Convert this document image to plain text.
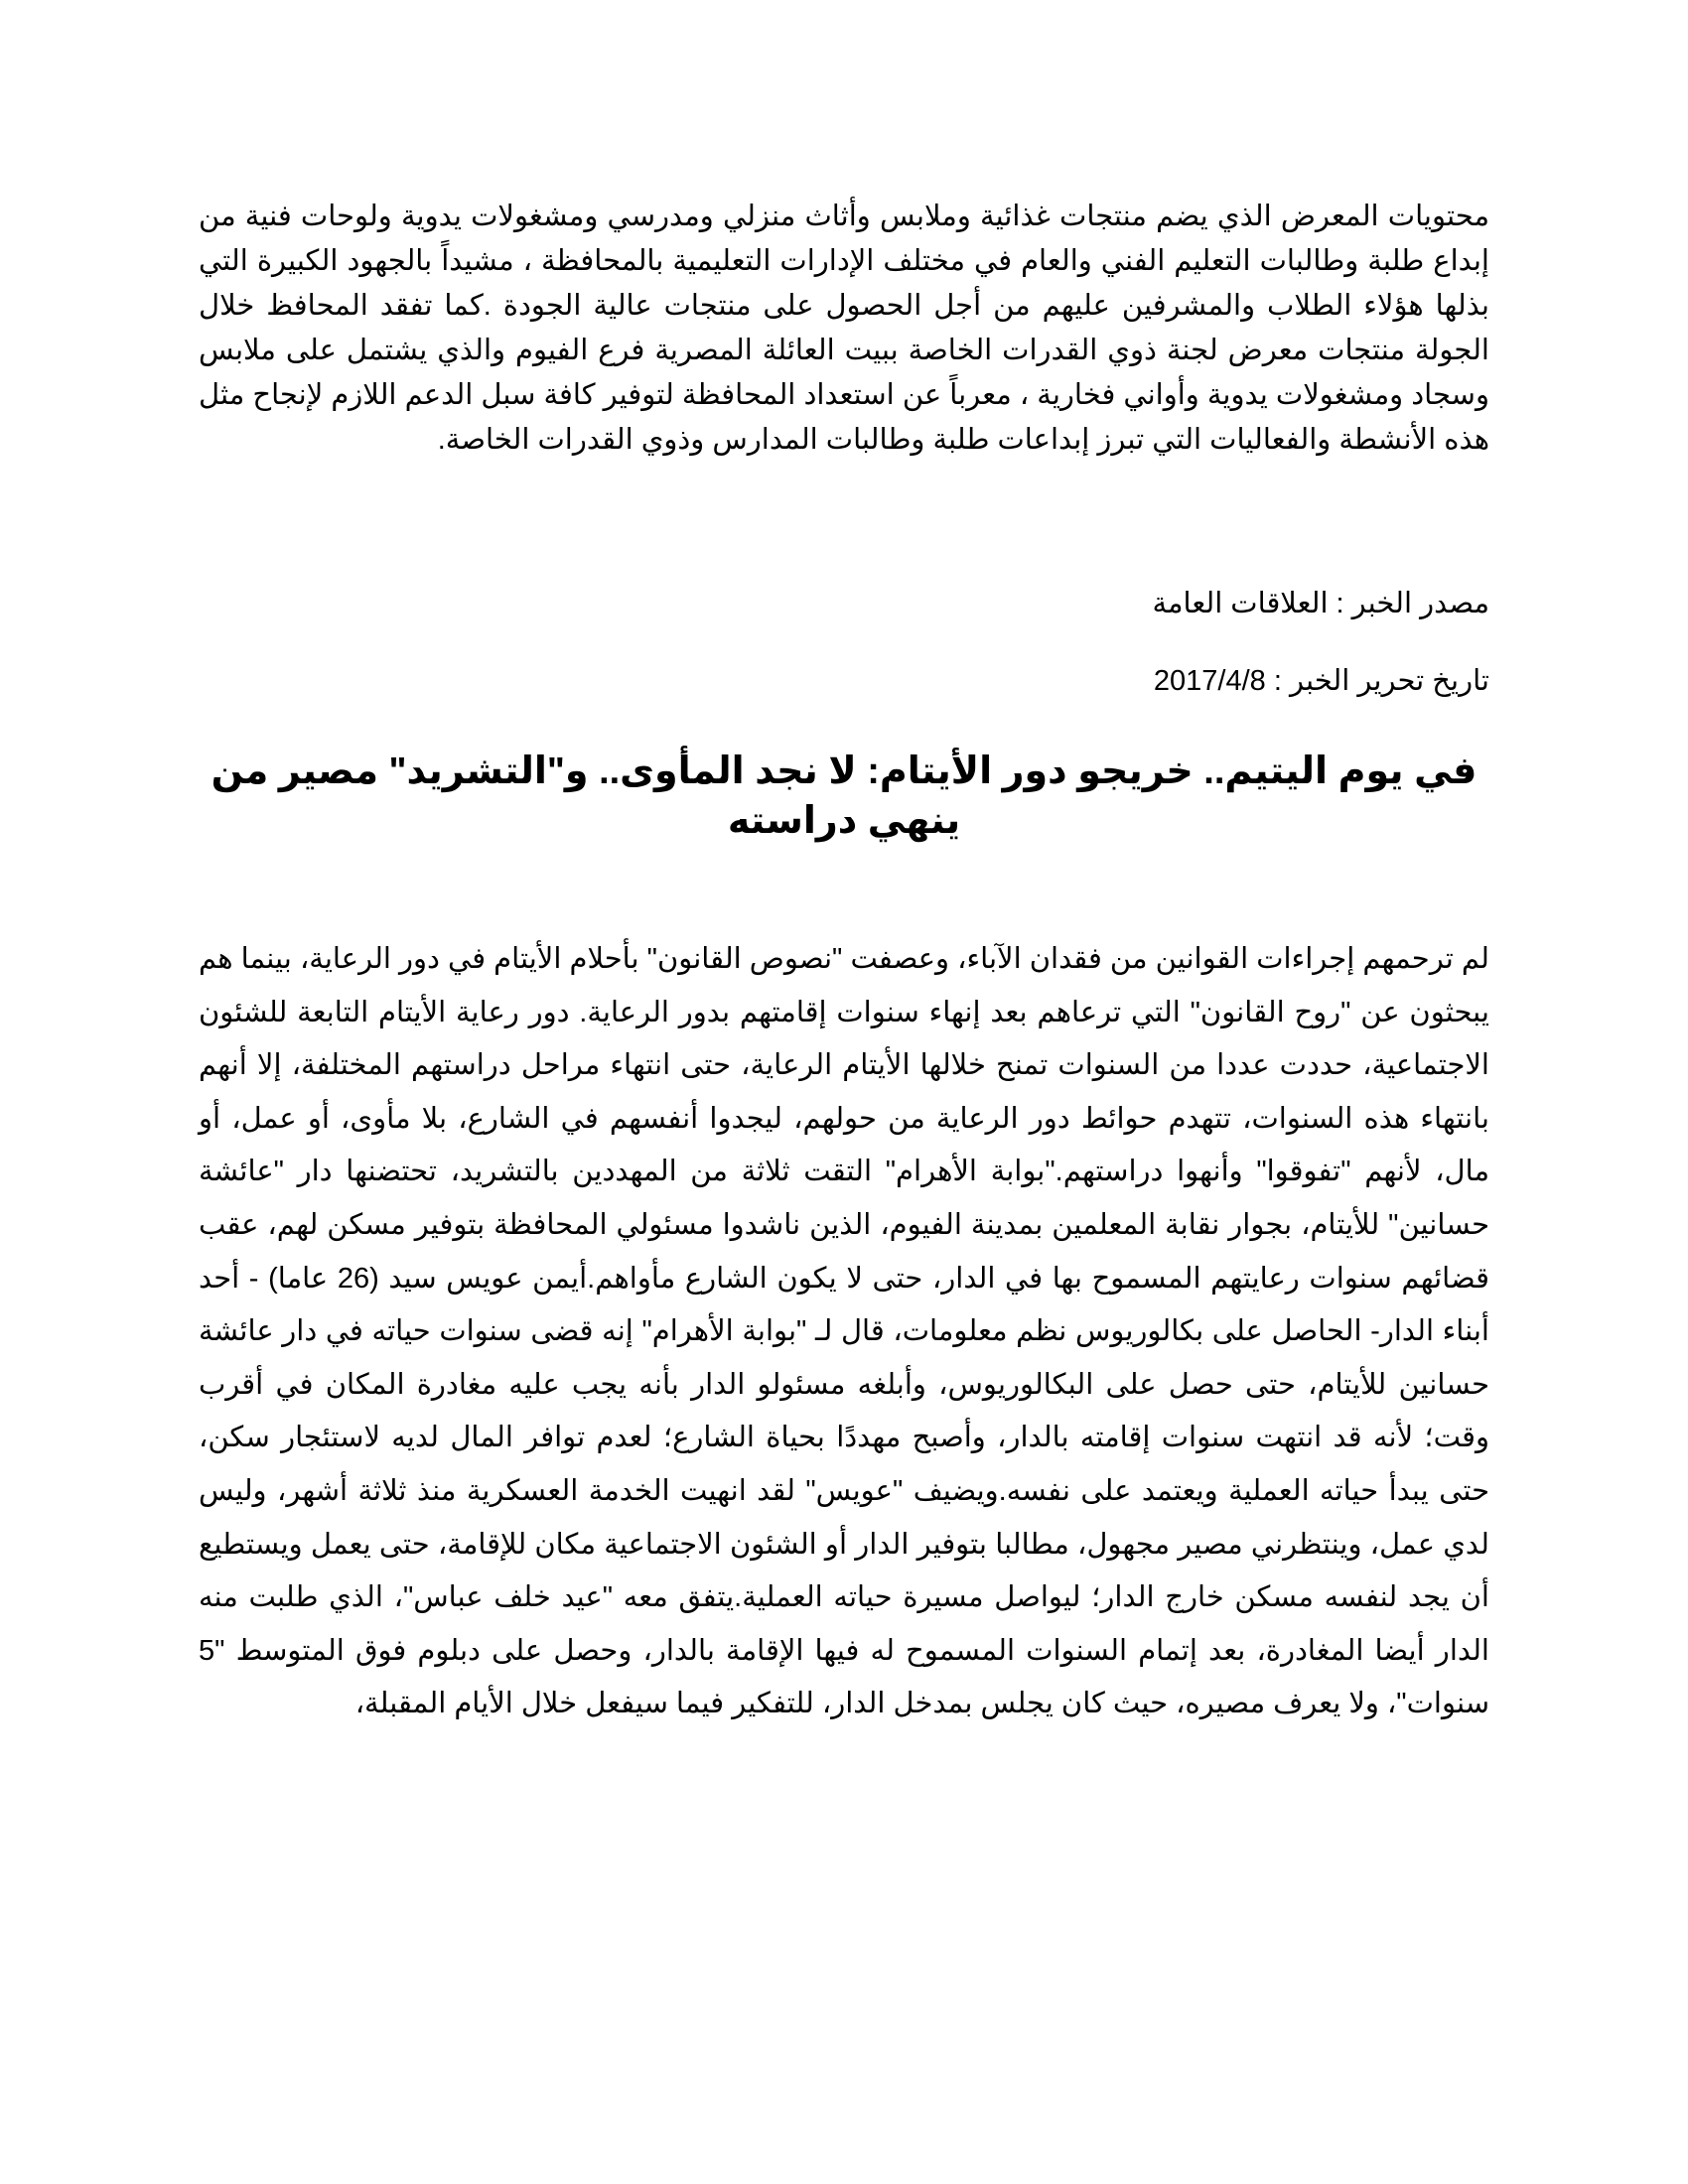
محتويات المعرض الذي يضم منتجات غذائية وملابس وأثاث منزلي ومدرسي ومشغولات يدوية ولوحات فنية من إبداع طلبة وطالبات التعليم الفني والعام في مختلف الإدارات التعليمية بالمحافظة ، مشيداً بالجهود الكبيرة التي بذلها هؤلاء الطلاب والمشرفين عليهم من أجل الحصول على منتجات عالية الجودة .كما تفقد المحافظ خلال الجولة منتجات معرض لجنة ذوي القدرات الخاصة ببيت العائلة المصرية فرع الفيوم والذي يشتمل على ملابس وسجاد ومشغولات يدوية وأواني فخارية ، معرباً عن استعداد المحافظة لتوفير كافة سبل الدعم اللازم لإنجاح مثل هذه الأنشطة والفعاليات التي تبرز إبداعات طلبة وطالبات المدارس وذوي القدرات الخاصة.

مصدر الخبر : العلاقات العامة

تاريخ تحرير الخبر : 2017/4/8

في يوم اليتيم.. خريجو دور الأيتام: لا نجد المأوى.. و"التشريد" مصير من ينهي دراسته

لم ترحمهم إجراءات القوانين من فقدان الآباء، وعصفت "نصوص القانون" بأحلام الأيتام في دور الرعاية، بينما هم يبحثون عن "روح القانون" التي ترعاهم بعد إنهاء سنوات إقامتهم بدور الرعاية. دور رعاية الأيتام التابعة للشئون الاجتماعية، حددت عددا من السنوات تمنح خلالها الأيتام الرعاية، حتى انتهاء مراحل دراستهم المختلفة، إلا أنهم بانتهاء هذه السنوات، تتهدم حوائط دور الرعاية من حولهم، ليجدوا أنفسهم في الشارع، بلا مأوى، أو عمل، أو مال، لأنهم "تفوقوا" وأنهوا دراستهم."بوابة الأهرام" التقت ثلاثة من المهددين بالتشريد، تحتضنها دار "عائشة حسانين" للأيتام، بجوار نقابة المعلمين بمدينة الفيوم، الذين ناشدوا مسئولي المحافظة بتوفير مسكن لهم، عقب قضائهم سنوات رعايتهم المسموح بها في الدار، حتى لا يكون الشارع مأواهم.أيمن عويس سيد (26 عاما) - أحد أبناء الدار- الحاصل على بكالوريوس نظم معلومات، قال لـ "بوابة الأهرام" إنه قضى سنوات حياته في دار عائشة حسانين للأيتام، حتى حصل على البكالوريوس، وأبلغه مسئولو الدار بأنه يجب عليه مغادرة المكان في أقرب وقت؛ لأنه قد انتهت سنوات إقامته بالدار، وأصبح مهددًا بحياة الشارع؛ لعدم توافر المال لديه لاستئجار سكن، حتى يبدأ حياته العملية ويعتمد على نفسه.ويضيف "عويس" لقد انهيت الخدمة العسكرية منذ ثلاثة أشهر، وليس لدي عمل، وينتظرني مصير مجهول، مطالبا بتوفير الدار أو الشئون الاجتماعية مكان للإقامة، حتى يعمل ويستطيع أن يجد لنفسه مسكن خارج الدار؛ ليواصل مسيرة حياته العملية.يتفق معه "عيد خلف عباس"، الذي طلبت منه الدار أيضا المغادرة، بعد إتمام السنوات المسموح له فيها الإقامة بالدار، وحصل على دبلوم فوق المتوسط "5 سنوات"، ولا يعرف مصيره، حيث كان يجلس بمدخل الدار، للتفكير فيما سيفعل خلال الأيام المقبلة،
